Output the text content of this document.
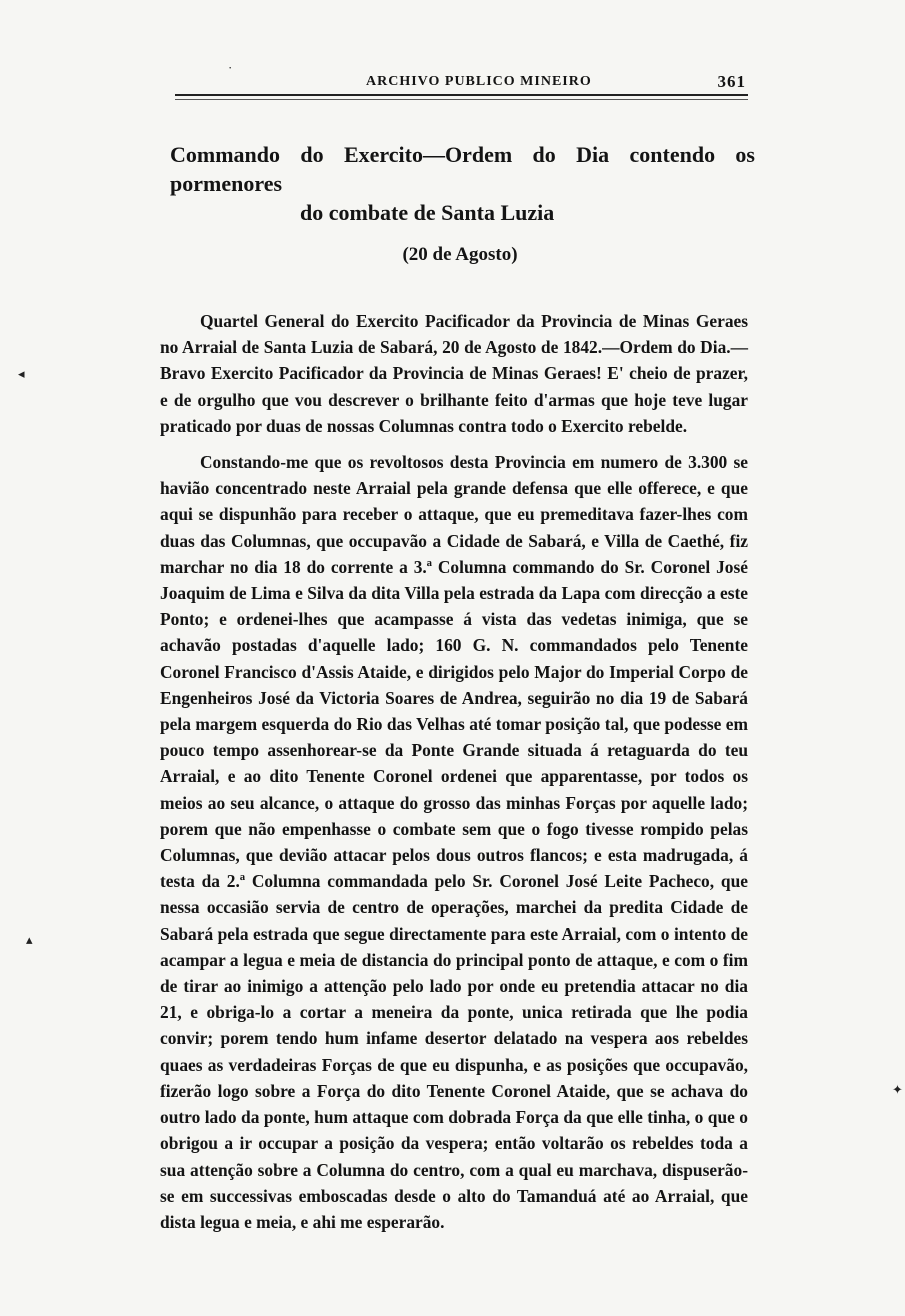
ARCHIVO PUBLICO MINEIRO	361
Commando do Exercito—Ordem do Dia contendo os pormenores
do combate de Santa Luzia
(20 de Agosto)

Quartel General do Exercito Pacificador da Provincia de Minas Geraes no Arraial de Santa Luzia de Sabará, 20 de Agosto de 1842.—Ordem do Dia.—Bravo Exercito Pacificador da Provincia de Minas Geraes! E' cheio de prazer, e de orgulho que vou descrever o brilhante feito d'armas que hoje teve lugar praticado por duas de nossas Columnas contra todo o Exercito rebelde.

Constando-me que os revoltosos desta Provincia em numero de 3.300 se havião concentrado neste Arraial pela grande defensa que elle offerece, e que aqui se dispunhão para receber o attaque, que eu premeditava fazer-lhes com duas das Columnas, que occupavão a Cidade de Sabará, e Villa de Caethé, fiz marchar no dia 18 do corrente a 3.ª Columna commando do Sr. Coronel José Joaquim de Lima e Silva da dita Villa pela estrada da Lapa com direcção a este Ponto; e ordenei-lhes que acampasse á vista das vedetas inimiga, que se achavão postadas d'aquelle lado; 160 G. N. commandados pelo Tenente Coronel Francisco d'Assis Ataide, e dirigidos pelo Major do Imperial Corpo de Engenheiros José da Victoria Soares de Andrea, seguirão no dia 19 de Sabará pela margem esquerda do Rio das Velhas até tomar posição tal, que podesse em pouco tempo assenhorear-se da Ponte Grande situada á retaguarda do teu Arraial, e ao dito Tenente Coronel ordenei que apparentasse, por todos os meios ao seu alcance, o attaque do grosso das minhas Forças por aquelle lado; porem que não empenhasse o combate sem que o fogo tivesse rompido pelas Columnas, que devião attacar pelos dous outros flancos; e esta madrugada, á testa da 2.ª Columna commandada pelo Sr. Coronel José Leite Pacheco, que nessa occasião servia de centro de operações, marchei da predita Cidade de Sabará pela estrada que segue directamente para este Arraial, com o intento de acampar a legua e meia de distancia do principal ponto de attaque, e com o fim de tirar ao inimigo a attenção pelo lado por onde eu pretendia attacar no dia 21, e obriga-lo a cortar a meneira da ponte, unica retirada que lhe podia convir; porem tendo hum infame desertor delatado na vespera aos rebeldes quaes as verdadeiras Forças de que eu dispunha, e as posições que occupavão, fizerão logo sobre a Força do dito Tenente Coronel Ataide, que se achava do outro lado da ponte, hum attaque com dobrada Força da que elle tinha, o que o obrigou a ir occupar a posição da vespera; então voltarão os rebeldes toda a sua attenção sobre a Columna do centro, com a qual eu marchava, dispuserão-se em successivas emboscadas desde o alto do Tamanduá até ao Arraial, que dista legua e meia, e ahi me esperarão.

·
◂
▴
✦
